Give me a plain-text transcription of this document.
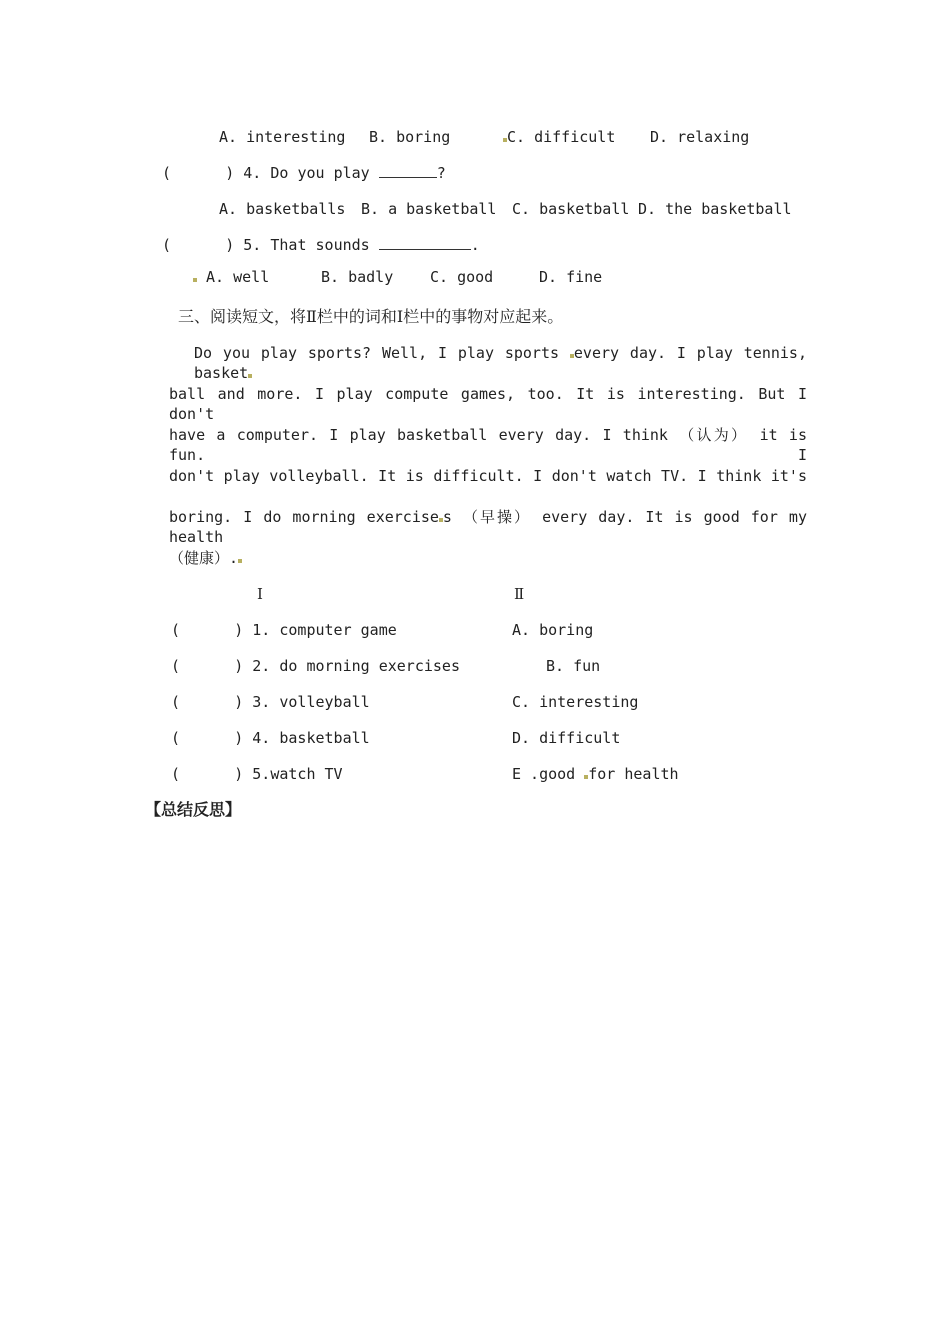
A. interesting B. boring	C. difficult D. relaxing
(      ) 4. Do you play	?
A. basketballs B. a basketball C. basketball D. the basketball
(      ) 5. That sounds	.
A. well	B. badly C. good	D. fine
三、阅读短文，将Ⅱ栏中的词和Ⅰ栏中的事物对应起来。
Do you play sports? Well, I play sports every day. I play tennis, basket
ball and more. I play compute games, too. It is interesting. But I don't
have a computer. I play basketball every day. I think （认为） it is fun. I
don't play volleyball. It is difficult. I don't watch TV. I think it's
boring. I do morning exercise s （早操） every day. It is good for my health
（健康）.
Ⅰ	Ⅱ
(      ) 1. computer game	A. boring
(      ) 2. do morning exercises	B. fun
(      ) 3. volleyball	C. interesting
(      ) 4. basketball	D. difficult
(      ) 5.watch TV	E .good for health
【总结反思】
